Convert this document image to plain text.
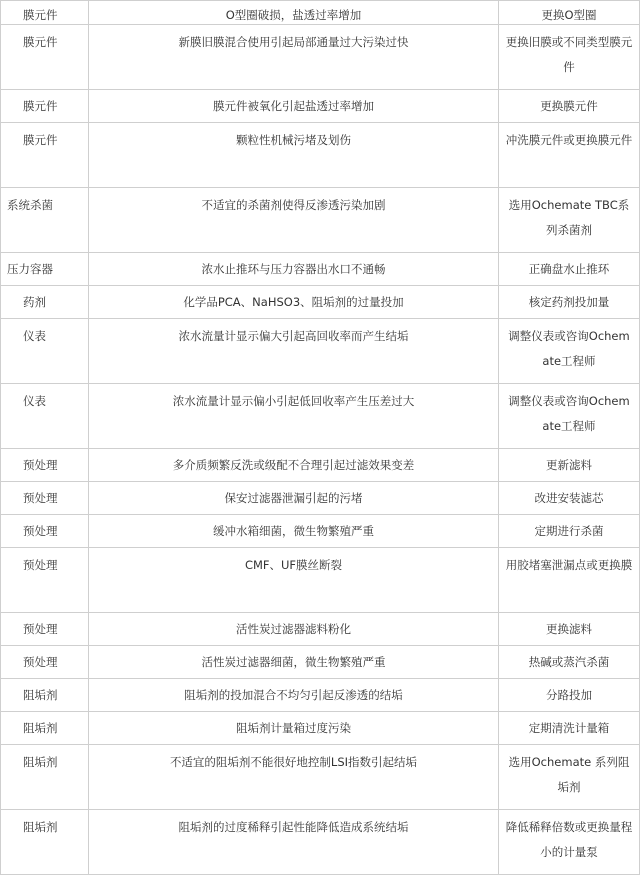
膜元件	O型圈破损，盐透过率增加	更换O型圈
膜元件	新膜旧膜混合使用引起局部通量过大污染过快	更换旧膜或不同类型膜元件
膜元件	膜元件被氧化引起盐透过率增加	更换膜元件
膜元件	颗粒性机械污堵及划伤	冲洗膜元件或更换膜元件
系统杀菌	不适宜的杀菌剂使得反渗透污染加剧	选用Ochemate TBC系列杀菌剂
压力容器	浓水止推环与压力容器出水口不通畅	正确盘水止推环
药剂	化学品PCA、NaHSO3、阻垢剂的过量投加	核定药剂投加量
仪表	浓水流量计显示偏大引起高回收率而产生结垢	调整仪表或咨询Ochemate工程师
仪表	浓水流量计显示偏小引起低回收率产生压差过大	调整仪表或咨询Ochemate工程师
预处理	多介质频繁反洗或级配不合理引起过滤效果变差	更新滤料
预处理	保安过滤器泄漏引起的污堵	改进安装滤芯
预处理	缓冲水箱细菌，微生物繁殖严重	定期进行杀菌
预处理	CMF、UF膜丝断裂	用胶堵塞泄漏点或更换膜
预处理	活性炭过滤器滤料粉化	更换滤料
预处理	活性炭过滤器细菌，微生物繁殖严重	热碱或蒸汽杀菌
阻垢剂	阻垢剂的投加混合不均匀引起反渗透的结垢	分路投加
阻垢剂	阻垢剂计量箱过度污染	定期清洗计量箱
阻垢剂	不适宜的阻垢剂不能很好地控制LSI指数引起结垢	选用Ochemate 系列阻垢剂
阻垢剂	阻垢剂的过度稀释引起性能降低造成系统结垢	降低稀释倍数或更换量程小的计量泵
